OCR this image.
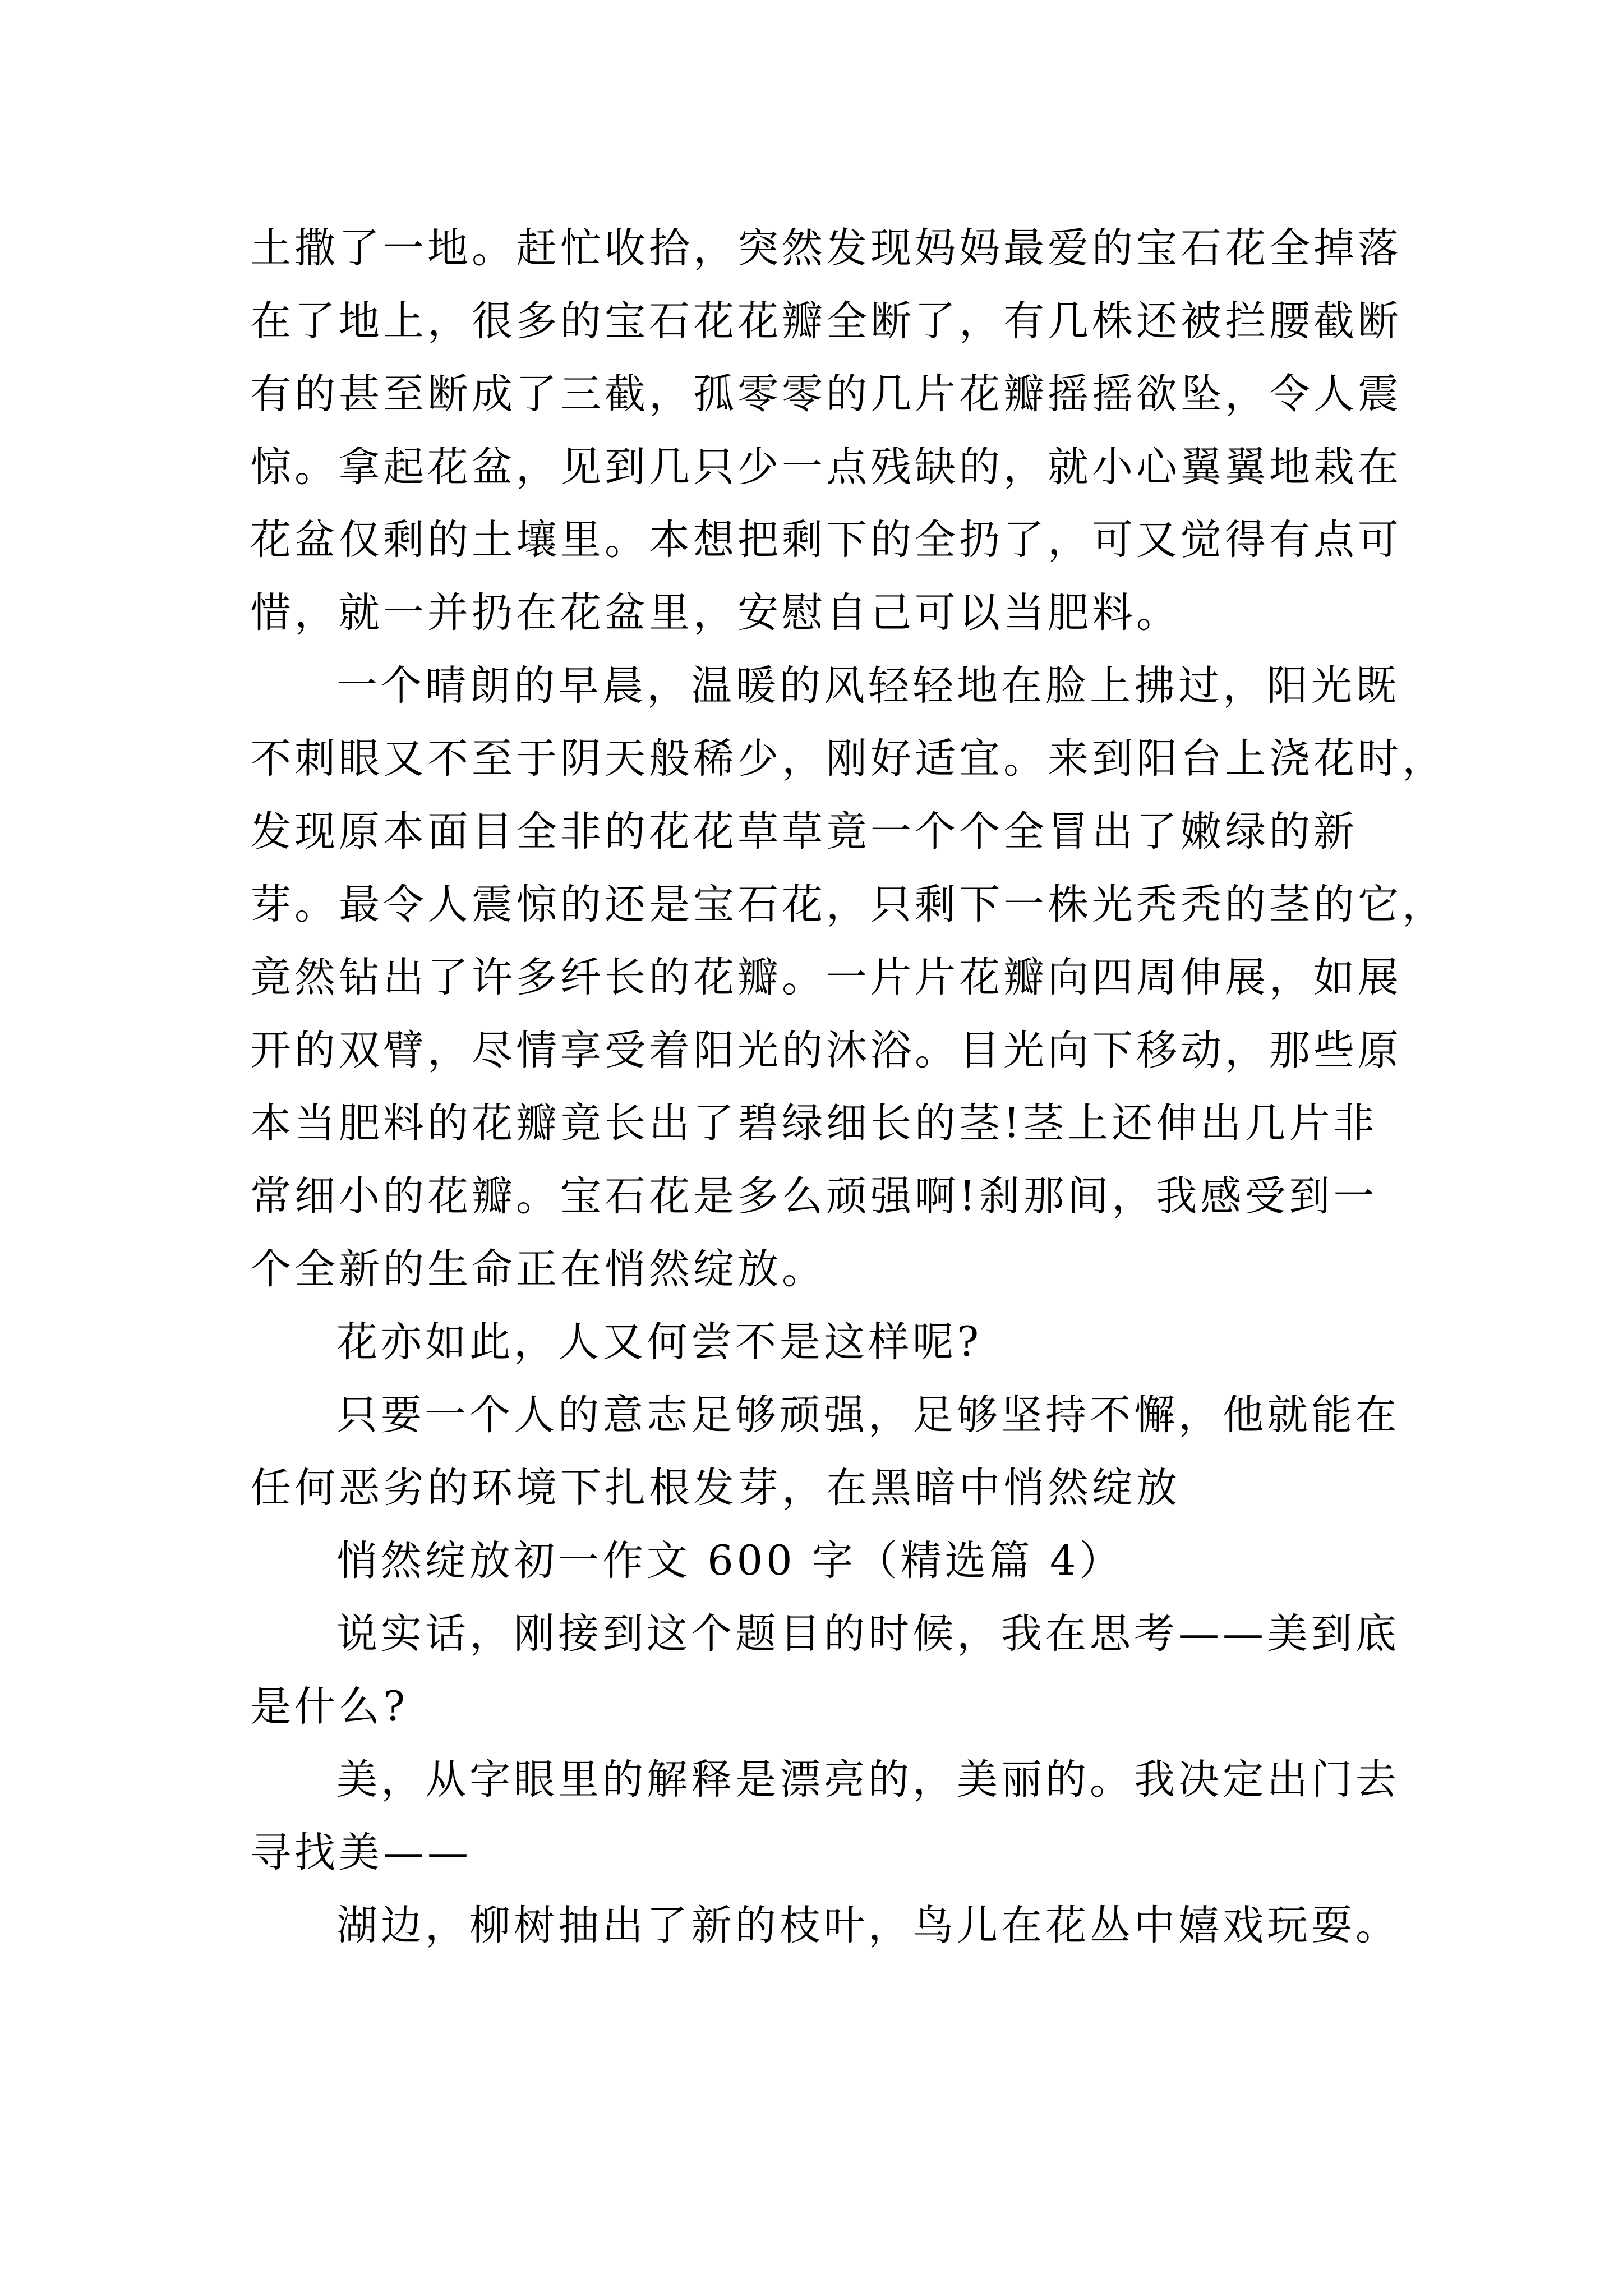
土撒了一地。赶忙收拾，突然发现妈妈最爱的宝石花全掉落

在了地上，很多的宝石花花瓣全断了，有几株还被拦腰截断

有的甚至断成了三截，孤零零的几片花瓣摇摇欲坠，令人震

惊。拿起花盆，见到几只少一点残缺的，就小心翼翼地栽在

花盆仅剩的土壤里。本想把剩下的全扔了，可又觉得有点可

惜，就一并扔在花盆里，安慰自己可以当肥料。

一个晴朗的早晨，温暖的风轻轻地在脸上拂过，阳光既

不刺眼又不至于阴天般稀少，刚好适宜。来到阳台上浇花时，

发现原本面目全非的花花草草竟一个个全冒出了嫩绿的新

芽。最令人震惊的还是宝石花，只剩下一株光秃秃的茎的它，

竟然钻出了许多纤长的花瓣。一片片花瓣向四周伸展，如展

开的双臂，尽情享受着阳光的沐浴。目光向下移动，那些原

本当肥料的花瓣竟长出了碧绿细长的茎!茎上还伸出几片非

常细小的花瓣。宝石花是多么顽强啊!刹那间，我感受到一

个全新的生命正在悄然绽放。

花亦如此，人又何尝不是这样呢?

只要一个人的意志足够顽强，足够坚持不懈，他就能在

任何恶劣的环境下扎根发芽，在黑暗中悄然绽放

悄然绽放初一作文 600 字（精选篇 4）

说实话，刚接到这个题目的时候，我在思考——美到底

是什么?

美，从字眼里的解释是漂亮的，美丽的。我决定出门去

寻找美——

湖边，柳树抽出了新的枝叶，鸟儿在花丛中嬉戏玩耍。
